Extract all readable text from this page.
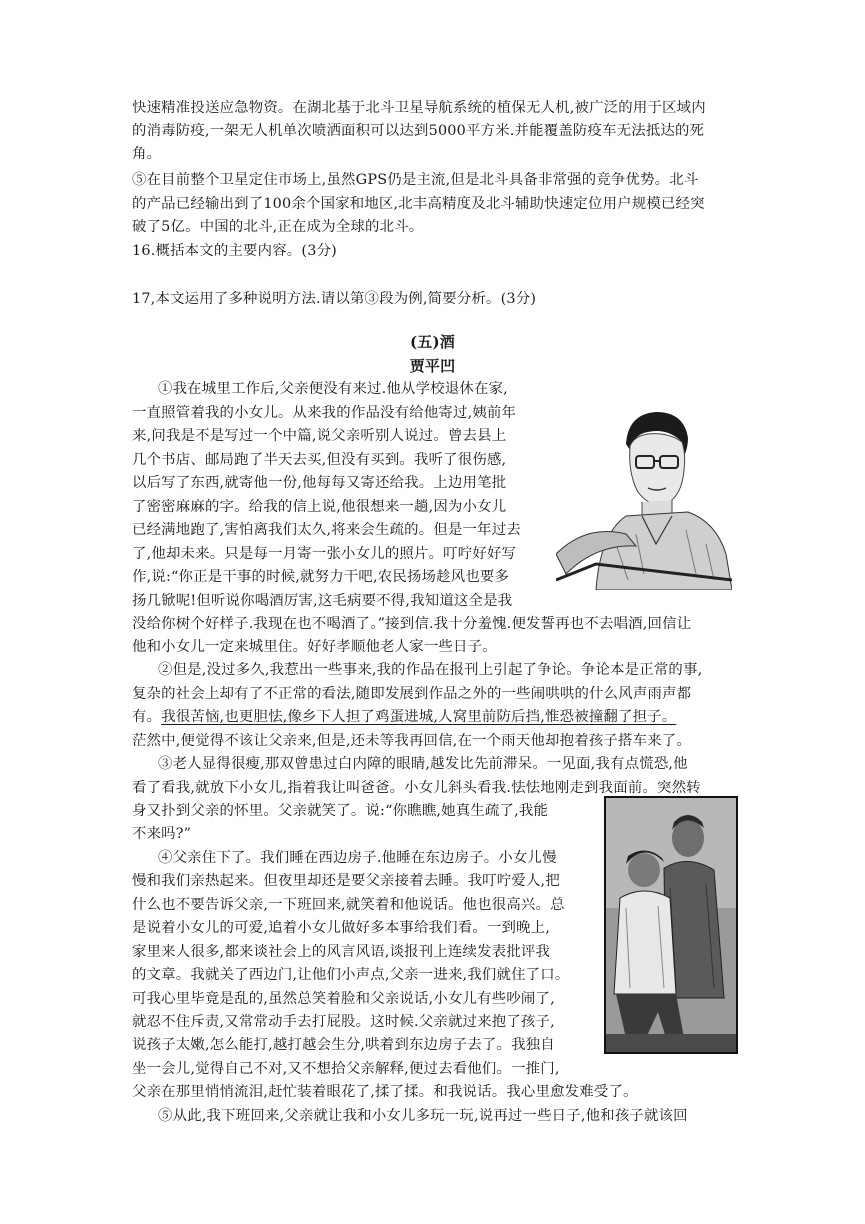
快速精准投送应急物资。在湖北基于北斗卫星导航系统的植保无人机,被广泛的用于区域内
的消毒防疫,一架无人机单次喷洒面积可以达到5000平方米.并能覆盖防疫车无法抵达的死
角。
⑤在目前整个卫星定住市场上,虽然GPS仍是主流,但是北斗具备非常强的竞争优势。北斗
的产品已经输出到了100余个国家和地区,北丰高精度及北斗辅助快速定位用户规模已经突
破了5亿。中国的北斗,正在成为全球的北斗。
16.概括本文的主要内容。(3分)
17,本文运用了多种说明方法.请以第③段为例,简要分析。(3分)
(五)酒
贾平凹
①我在城里工作后,父亲便没有来过.他从学校退休在家,
一直照管着我的小女儿。从来我的作品没有给他寄过,姨前年
来,问我是不是写过一个中篇,说父亲听别人说过。曾去县上
几个书店、邮局跑了半天去买,但没有买到。我听了很伤感,
以后写了东西,就寄他一份,他每每又寄还给我。上边用笔批
了密密麻麻的字。给我的信上说,他很想来一趟,因为小女儿
已经满地跑了,害怕离我们太久,将来会生疏的。但是一年过去
了,他却未来。只是每一月寄一张小女儿的照片。叮咛好好写
作,说:“你正是干事的时候,就努力干吧,农民扬场趁风也要多
扬几锨呢!但听说你喝酒厉害,这毛病要不得,我知道这全是我
没给你树个好样子.我现在也不喝酒了。”接到信.我十分羞愧.便发誓再也不去唱酒,回信让
他和小女儿一定来城里住。好好孝顺他老人家一些日子。
②但是,没过多久,我惹出一些事来,我的作品在报刊上引起了争论。争论本是正常的事,
复杂的社会上却有了不正常的看法,随即发展到作品之外的一些闹哄哄的什么风声雨声都
有。我很苦恼,也更胆怯,像乡下人担了鸡蛋进城,人窝里前防后挡,惟恐被撞翻了担子。
茫然中,便觉得不该让父亲来,但是,还未等我再回信,在一个雨天他却抱着孩子搭车来了。
③老人显得很瘦,那双曾患过白内障的眼睛,越发比先前滞呆。一见面,我有点慌恐,他
看了看我,就放下小女儿,指着我让叫爸爸。小女儿斜头看我.怯怯地刚走到我面前。突然转
身又扑到父亲的怀里。父亲就笑了。说:“你瞧瞧,她真生疏了,我能
不来吗?”
④父亲住下了。我们睡在西边房子.他睡在东边房子。小女儿慢
慢和我们亲热起来。但夜里却还是要父亲接着去睡。我叮咛爱人,把
什么也不要告诉父亲,一下班回来,就笑着和他说话。他也很高兴。总
是说着小女儿的可爱,追着小女儿做好多本事给我们看。一到晚上,
家里来人很多,都来谈社会上的风言风语,谈报刊上连续发表批评我
的文章。我就关了西边门,让他们小声点,父亲一进来,我们就住了口。
可我心里毕竟是乱的,虽然总笑着脸和父亲说话,小女儿有些吵闹了,
就忍不住斥责,又常常动手去打屁股。这时候.父亲就过来抱了孩子,
说孩子太嫩,怎么能打,越打越会生分,哄着到东边房子去了。我独自
坐一会儿,觉得自己不对,又不想拾父亲解释,便过去看他们。一推门,
父亲在那里悄悄流泪,赶忙装着眼花了,揉了揉。和我说话。我心里愈发难受了。
⑤从此,我下班回来,父亲就让我和小女儿多玩一玩,说再过一些日子,他和孩子就该回
